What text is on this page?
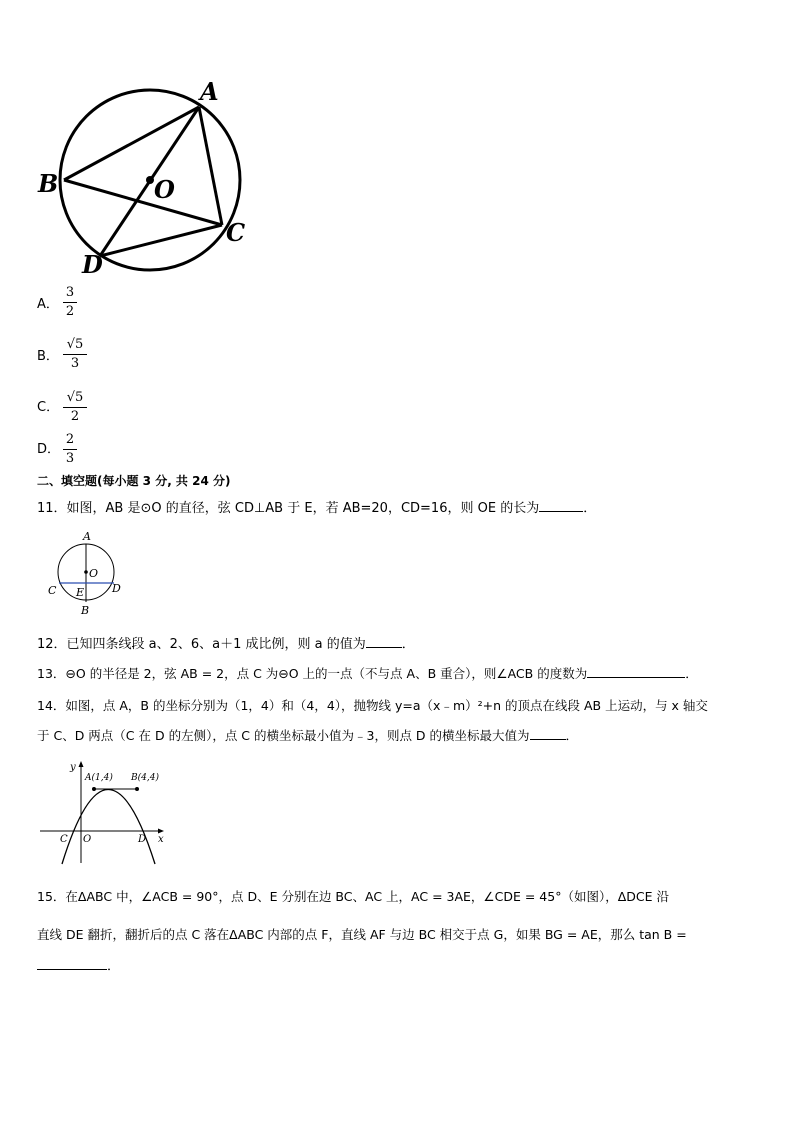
A
B	O
C
D
A．
3
2
B．
√5
3
C．
√5
2
D．
2
3
二、填空题(每小题 3 分, 共 24 分)
11．如图，AB 是⊙O 的直径，弦 CD⊥AB 于 E，若 AB=20，CD=16，则 OE 的长为	．
A
O
C	D
E
B
12．已知四条线段 a、2、6、a＋1 成比例，则 a 的值为	．
13．⊖O 的半径是 2，弦 AB = 2，点 C 为⊖O 上的一点（不与点 A、B 重合），则∠ACB 的度数为	．
14．如图，点 A，B 的坐标分别为（1，4）和（4，4），抛物线 y=a（x﹣m）²+n 的顶点在线段 AB 上运动，与 x 轴交
于 C、D 两点（C 在 D 的左侧），点 C 的横坐标最小值为﹣3，则点 D 的横坐标最大值为	．
y
x
A(1,4) B(4,4)
C O	D
15．在ΔABC 中，∠ACB = 90°，点 D、E 分别在边 BC、AC 上，AC = 3AE，∠CDE = 45°（如图），ΔDCE 沿
直线 DE 翻折，翻折后的点 C 落在ΔABC 内部的点 F，直线 AF 与边 BC 相交于点 G，如果 BG = AE，那么 tan B =
．
